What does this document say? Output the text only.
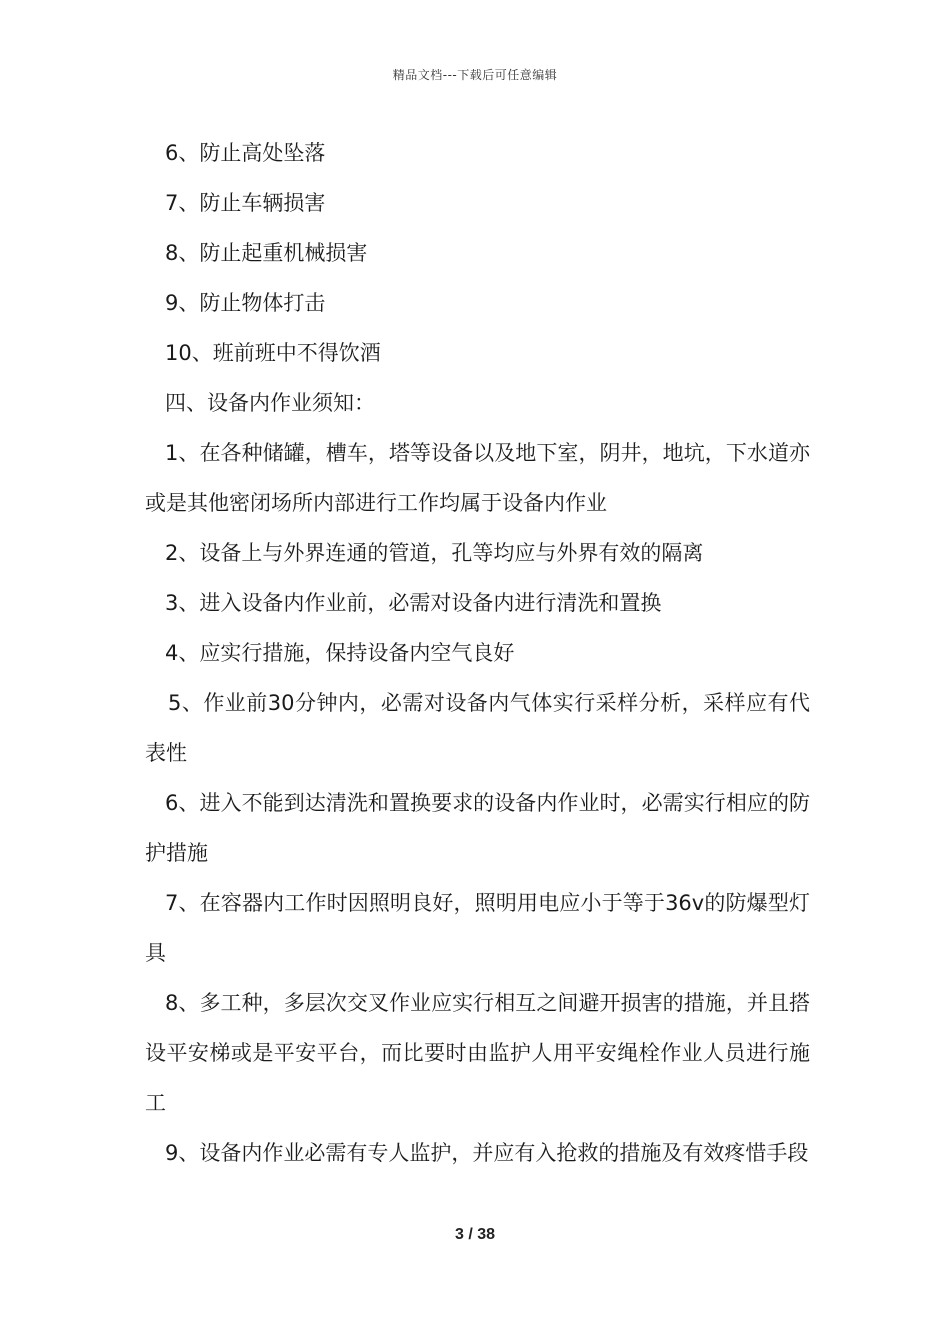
精品文档---下载后可任意编辑

6、防止高处坠落

7、防止车辆损害

8、防止起重机械损害

9、防止物体打击

10、班前班中不得饮酒

四、设备内作业须知：

1、在各种储罐，槽车，塔等设备以及地下室，阴井，地坑，下水道亦或是其他密闭场所内部进行工作均属于设备内作业

2、设备上与外界连通的管道，孔等均应与外界有效的隔离

3、进入设备内作业前，必需对设备内进行清洗和置换

4、应实行措施，保持设备内空气良好

5、作业前30分钟内，必需对设备内气体实行采样分析，采样应有代表性

6、进入不能到达清洗和置换要求的设备内作业时，必需实行相应的防护措施

7、在容器内工作时因照明良好，照明用电应小于等于36v的防爆型灯具

8、多工种，多层次交叉作业应实行相互之间避开损害的措施，并且搭设平安梯或是平安平台，而比要时由监护人用平安绳栓作业人员进行施工

9、设备内作业必需有专人监护，并应有入抢救的措施及有效疼惜手段

3 / 38
